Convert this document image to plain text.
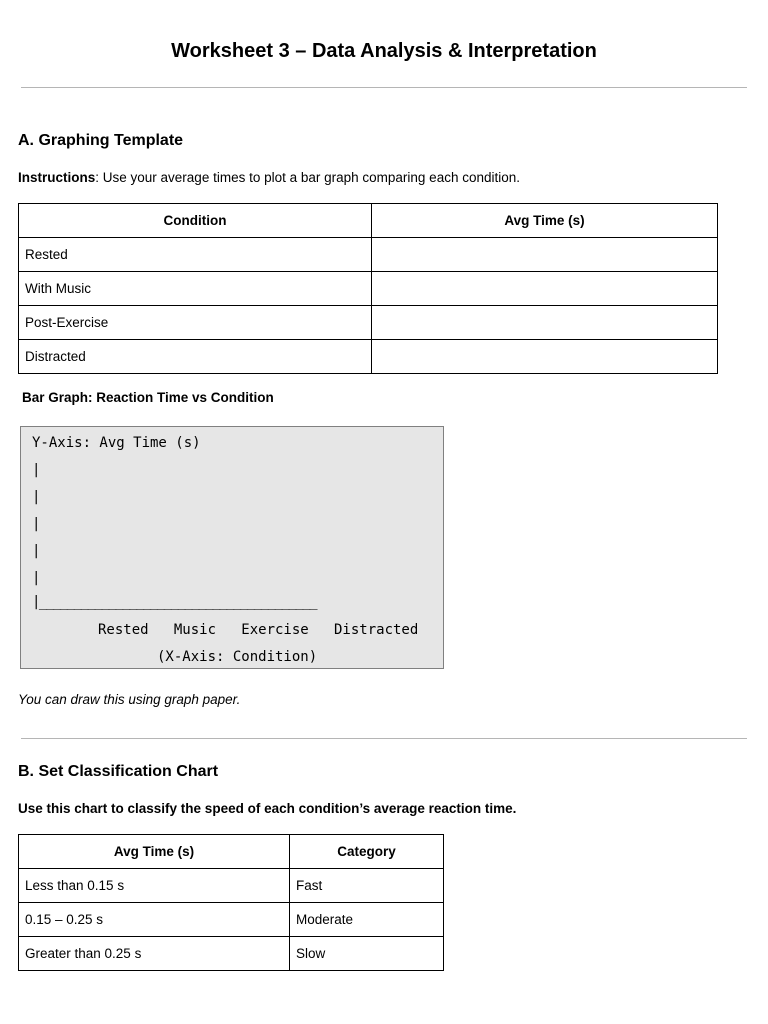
Worksheet 3 – Data Analysis & Interpretation
A. Graphing Template

Instructions: Use your average times to plot a bar graph comparing each condition.

Condition	Avg Time (s)
Rested	
With Music	
Post-Exercise	
Distracted	

Bar Graph: Reaction Time vs Condition

Y-Axis: Avg Time (s)
|
|
|
|
|
|________________________________________
Rested   Music   Exercise   Distracted
(X-Axis: Condition)

You can draw this using graph paper.

B. Set Classification Chart

Use this chart to classify the speed of each condition’s average reaction time.

Avg Time (s)	Category
Less than 0.15 s	Fast
0.15 – 0.25 s	Moderate
Greater than 0.25 s	Slow
